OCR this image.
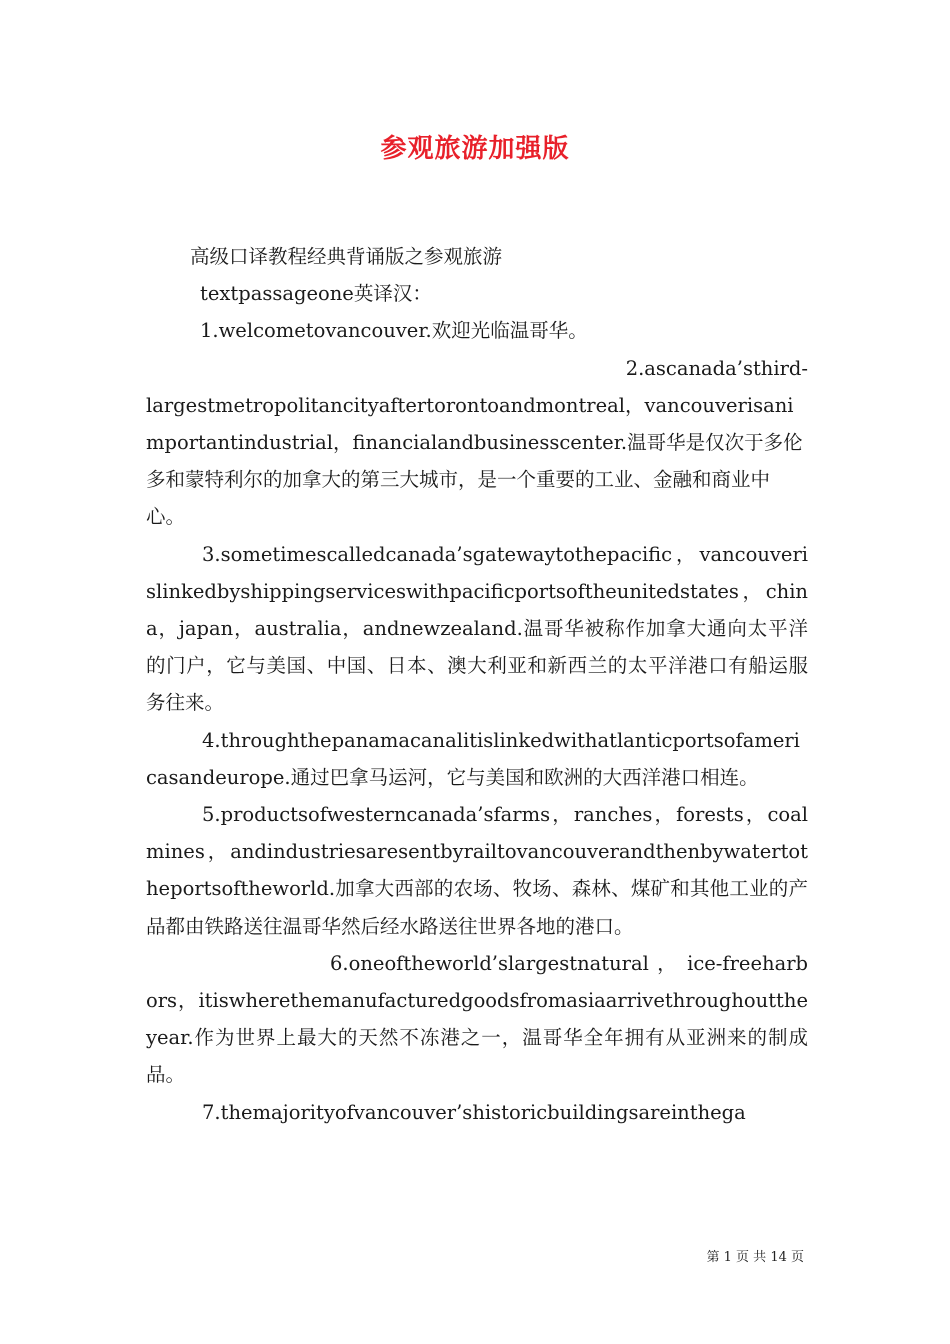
参观旅游加强版

高级口译教程经典背诵版之参观旅游

textpassageone英译汉：

1.welcometovancouver.欢迎光临温哥华。

2.ascanada’sthird-

largestmetropolitancityaftertorontoandmontreal，vancouverisanimportantindustrial，financialandbusinesscenter.温哥华是仅次于多伦多和蒙特利尔的加拿大的第三大城市，是一个重要的工业、金融和商业中心。

3.sometimescalledcanada’sgatewaytothepacific，vancouverislinkedbyshippingserviceswithpacificportsoftheunitedstates，china，japan，australia，andnewzealand.温哥华被称作加拿大通向太平洋的门户，它与美国、中国、日本、澳大利亚和新西兰的太平洋港口有船运服务往来。

4.throughthepanamacanalitislinkedwithatlanticportsofamericasandeurope.通过巴拿马运河，它与美国和欧洲的大西洋港口相连。

5.productsofwesterncanada’sfarms，ranches，forests，coalmines，andindustriesaresentbyrailtovancouverandthenbywatertotheportsoftheworld.加拿大西部的农场、牧场、森林、煤矿和其他工业的产品都由铁路送往温哥华然后经水路送往世界各地的港口。

6.oneoftheworld’slargestnatural ， ice-freeharbors，itiswherethemanufacturedgoodsfromasiaarrivethroughouttheyear.作为世界上最大的天然不冻港之一，温哥华全年拥有从亚洲来的制成品。

7.themajorityofvancouver’shistoricbuildingsareinthega

第 1 页 共 14 页
